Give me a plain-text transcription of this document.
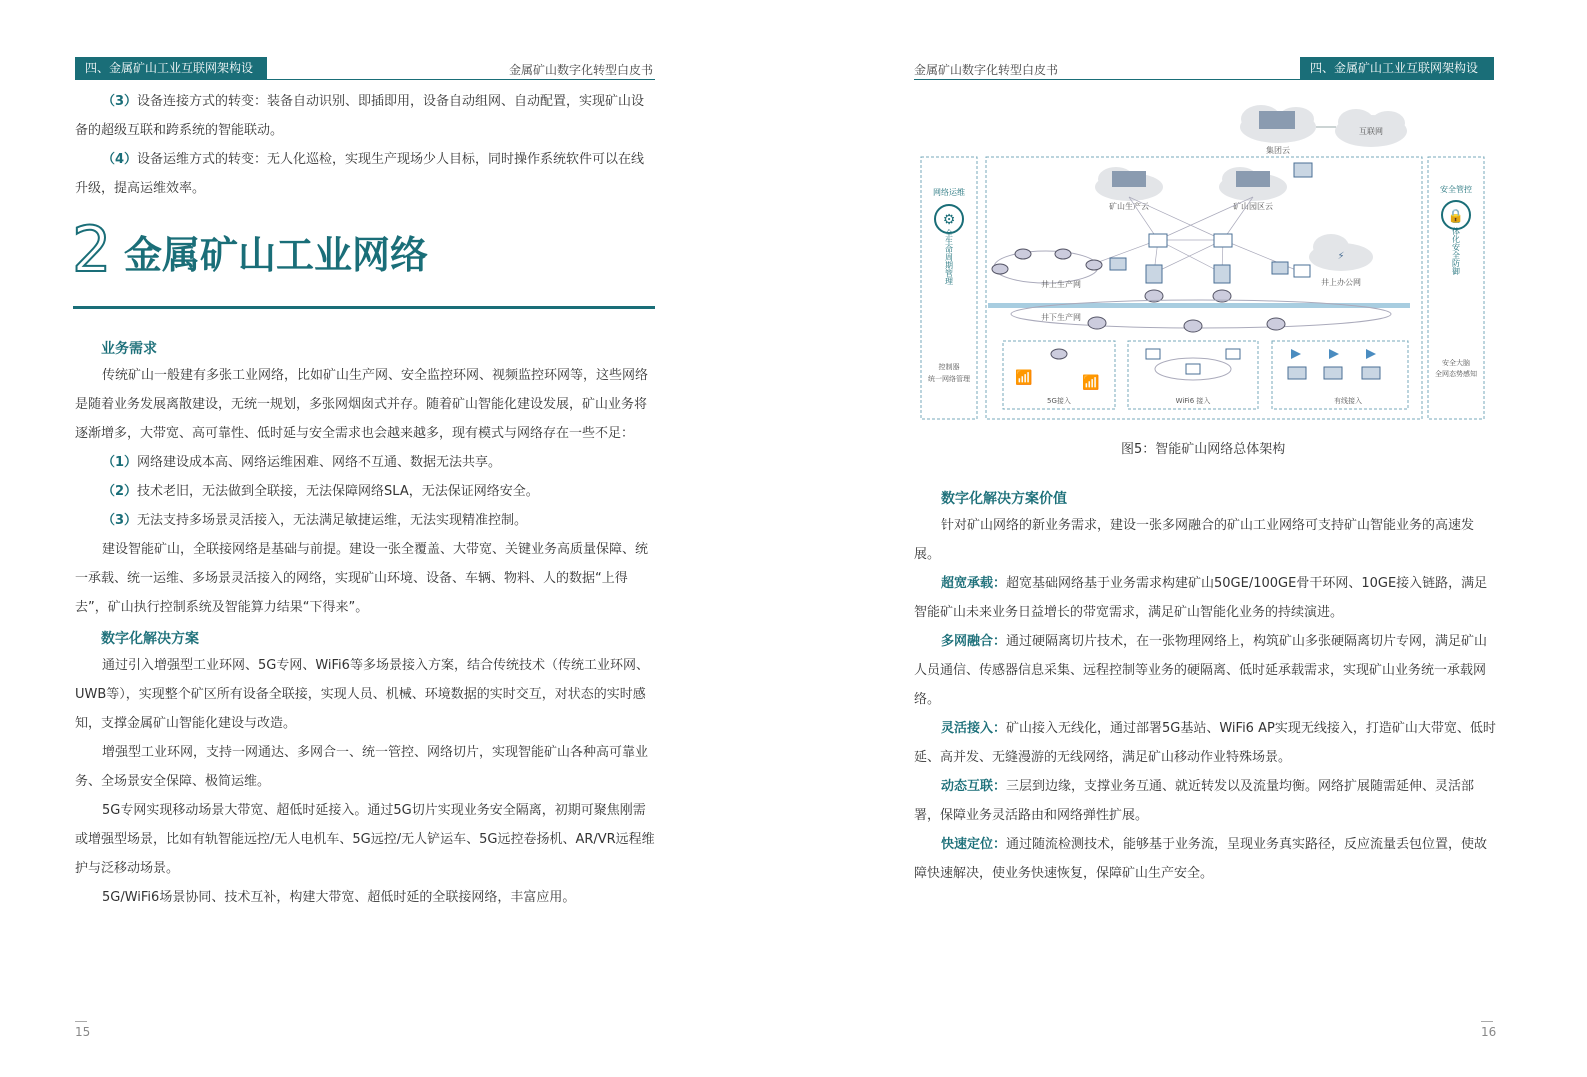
四、金属矿山工业互联网架构设计
金属矿山数字化转型白皮书

（3）设备连接方式的转变：装备自动识别、即插即用，设备自动组网、自动配置，实现矿山设备的超级互联和跨系统的智能联动。

（4）设备运维方式的转变：无人化巡检，实现生产现场少人目标，同时操作系统软件可以在线升级，提高运维效率。

2 金属矿山工业网络
业务需求

传统矿山一般建有多张工业网络，比如矿山生产网、安全监控环网、视频监控环网等，这些网络是随着业务发展离散建设，无统一规划，多张网烟囱式并存。随着矿山智能化建设发展，矿山业务将逐渐增多，大带宽、高可靠性、低时延与安全需求也会越来越多，现有模式与网络存在一些不足：

（1）网络建设成本高、网络运维困难、网络不互通、数据无法共享。

（2）技术老旧，无法做到全联接，无法保障网络SLA，无法保证网络安全。

（3）无法支持多场景灵活接入，无法满足敏捷运维，无法实现精准控制。

建设智能矿山，全联接网络是基础与前提。建设一张全覆盖、大带宽、关键业务高质量保障、统一承载、统一运维、多场景灵活接入的网络，实现矿山环境、设备、车辆、物料、人的数据“上得去”，矿山执行控制系统及智能算力结果“下得来”。

数字化解决方案

通过引入增强型工业环网、5G专网、WiFi6等多场景接入方案，结合传统技术（传统工业环网、UWB等），实现整个矿区所有设备全联接，实现人员、机械、环境数据的实时交互，对状态的实时感知，支撑金属矿山智能化建设与改造。

增强型工业环网，支持一网通达、多网合一、统一管控、网络切片，实现智能矿山各种高可靠业务、全场景安全保障、极简运维。

5G专网实现移动场景大带宽、超低时延接入。通过5G切片实现业务安全隔离，初期可聚焦刚需或增强型场景，比如有轨智能远控/无人电机车、5G远控/无人铲运车、5G远控卷扬机、AR/VR远程维护与泛移动场景。

5G/WiFi6场景协同、技术互补，构建大带宽、超低时延的全联接网络，丰富应用。

15
金属矿山数字化转型白皮书	四、金属矿山工业互联网架构设计
集团云
互联网
网络运维
⚙
全生命周期管理
控制器
统一网络管理
安全管控
🔒
一体化安全防御
安全大脑
全网态势感知
矿山生产云	矿山园区云
⚡
井上生产网	井上办公网
井下生产网
📶	📶
5G接入	WiFi6 接入	有线接入
图5：智能矿山网络总体架构
数字化解决方案价值

针对矿山网络的新业务需求，建设一张多网融合的矿山工业网络可支持矿山智能业务的高速发展。

超宽承载：超宽基础网络基于业务需求构建矿山50GE/100GE骨干环网、10GE接入链路，满足智能矿山未来业务日益增长的带宽需求，满足矿山智能化业务的持续演进。

多网融合：通过硬隔离切片技术，在一张物理网络上，构筑矿山多张硬隔离切片专网，满足矿山人员通信、传感器信息采集、远程控制等业务的硬隔离、低时延承载需求，实现矿山业务统一承载网络。

灵活接入：矿山接入无线化，通过部署5G基站、WiFi6 AP实现无线接入，打造矿山大带宽、低时延、高并发、无缝漫游的无线网络，满足矿山移动作业特殊场景。

动态互联：三层到边缘，支撑业务互通、就近转发以及流量均衡。网络扩展随需延伸、灵活部署，保障业务灵活路由和网络弹性扩展。

快速定位：通过随流检测技术，能够基于业务流，呈现业务真实路径，反应流量丢包位置，使故障快速解决，使业务快速恢复，保障矿山生产安全。

16
